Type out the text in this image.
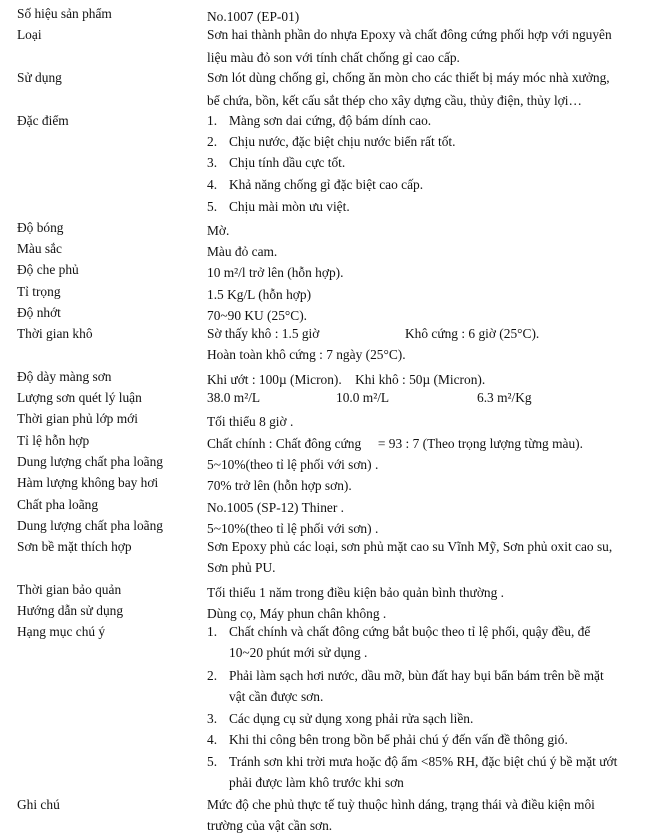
Số hiệu sản phẩm	No.1007 (EP-01)
Loại	Sơn hai thành phần do nhựa Epoxy và chất đông cứng phối hợp với nguyên
liệu màu đỏ son với tính chất chống gỉ cao cấp.
Sử dụng	Sơn lót dùng chống gỉ, chống ăn mòn cho các thiết bị máy móc nhà xưởng,
bể chứa, bồn, kết cấu sắt thép cho xây dựng cầu, thủy điện, thủy lợi…
Đặc điểm	1. Màng sơn dai cứng, độ bám dính cao.
2. Chịu nước, đặc biệt chịu nước biển rất tốt.
3. Chịu tính dầu cực tốt.
4. Khả năng chống gỉ đặc biệt cao cấp.
5. Chịu mài mòn ưu việt.
Độ bóng	Mờ.
Màu sắc	Màu đỏ cam.
Độ che phủ	10 m²/l trở lên (hỗn hợp).
Tỉ trọng	1.5 Kg/L (hỗn hợp)
Độ nhớt	70~90 KU (25°C).
Thời gian khô	Sờ thấy khô : 1.5 giờ	Khô cứng : 6 giờ (25°C).
Hoàn toàn khô cứng : 7 ngày (25°C).
Độ dày màng sơn	Khi ướt : 100µ (Micron).    Khi khô : 50µ (Micron).
Lượng sơn quét lý luận	38.0 m²/L	10.0 m²/L	6.3 m²/Kg
Thời gian phủ lớp mới	Tối thiểu 8 giờ .
Tỉ lệ hỗn hợp	Chất chính : Chất đông cứng     = 93 : 7 (Theo trọng lượng từng màu).
Dung lượng chất pha loãng	5~10%(theo tỉ lệ phối với sơn) .
Hàm lượng không bay hơi	70% trở lên (hỗn hợp sơn).
Chất pha loãng	No.1005 (SP-12) Thiner .
Dung lượng chất pha loãng	5~10%(theo tỉ lệ phối với sơn) .
Sơn bề mặt thích hợp	Sơn Epoxy phủ các loại, sơn phủ mặt cao su Vĩnh Mỹ, Sơn phủ oxit cao su,
Sơn phủ PU.
Thời gian bảo quản	Tối thiểu 1 năm trong điều kiện bảo quản bình thường .
Hướng dẫn sử dụng	Dùng cọ, Máy phun chân không .
Hạng mục chú ý	1. Chất chính và chất đông cứng bắt buộc theo tỉ lệ phối, quậy đều, để
10~20 phút mới sử dụng .
2. Phải làm sạch hơi nước, dầu mỡ, bùn đất hay bụi bẩn bám trên bề mặt
vật cần được sơn.
3. Các dụng cụ sử dụng xong phải rửa sạch liền.
4. Khi thi công bên trong bồn bể phải chú ý đến vấn đề thông gió.
5. Tránh sơn khi trời mưa hoặc độ ẩm <85% RH, đặc biệt chú ý bề mặt ướt
phải được làm khô trước khi sơn
Ghi chú	Mức độ che phủ thực tế tuỳ thuộc hình dáng, trạng thái và điều kiện môi
trường của vật cần sơn.
